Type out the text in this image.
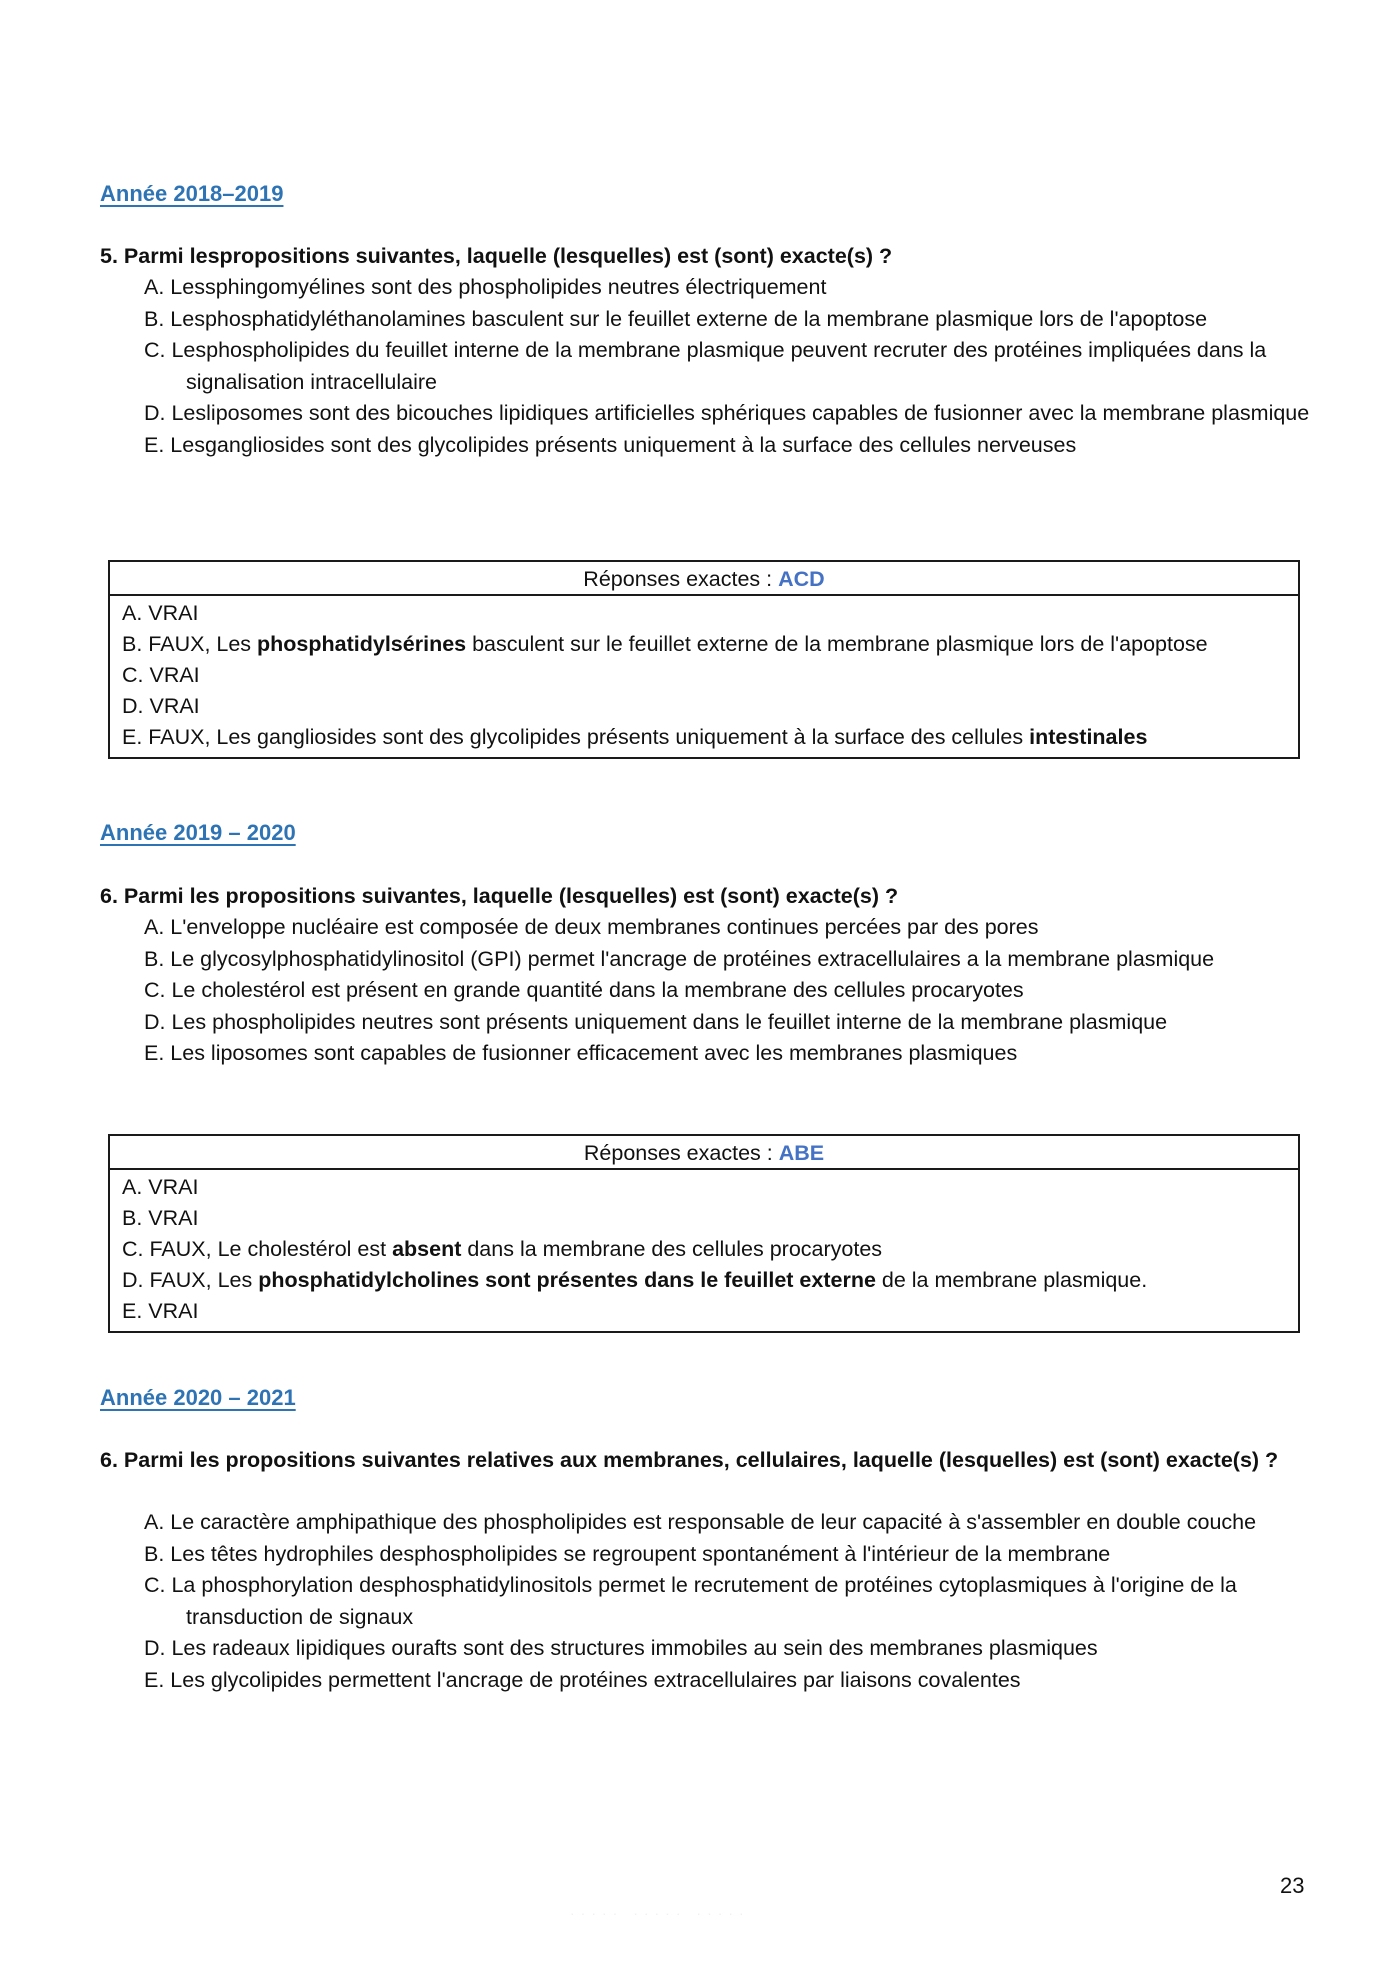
Année 2018–2019
5. Parmi lespropositions suivantes, laquelle (lesquelles) est (sont) exacte(s) ?
A. Lessphingomyélines sont des phospholipides neutres électriquement
B. Lesphosphatidyléthanolamines basculent sur le feuillet externe de la membrane plasmique lors de l'apoptose
C. Lesphospholipides du feuillet interne de la membrane plasmique peuvent recruter des protéines impliquées dans la signalisation intracellulaire
D. Lesliposomes sont des bicouches lipidiques artificielles sphériques capables de fusionner avec la membrane plasmique
E. Lesgangliosides sont des glycolipides présents uniquement à la surface des cellules nerveuses
Réponses exactes : ACD
A. VRAI
B. FAUX, Les phosphatidylsérines basculent sur le feuillet externe de la membrane plasmique lors de l'apoptose
C. VRAI
D. VRAI
E. FAUX, Les gangliosides sont des glycolipides présents uniquement à la surface des cellules intestinales
Année 2019 – 2020
6. Parmi les propositions suivantes, laquelle (lesquelles) est (sont) exacte(s) ?
A. L'enveloppe nucléaire est composée de deux membranes continues percées par des pores
B. Le glycosylphosphatidylinositol (GPI) permet l'ancrage de protéines extracellulaires a la membrane plasmique
C. Le cholestérol est présent en grande quantité dans la membrane des cellules procaryotes
D. Les phospholipides neutres sont présents uniquement dans le feuillet interne de la membrane plasmique
E. Les liposomes sont capables de fusionner efficacement avec les membranes plasmiques
Réponses exactes : ABE
A. VRAI
B. VRAI
C. FAUX, Le cholestérol est absent dans la membrane des cellules procaryotes
D. FAUX, Les phosphatidylcholines sont présentes dans le feuillet externe de la membrane plasmique.
E. VRAI
Année 2020 – 2021
6. Parmi les propositions suivantes relatives aux membranes, cellulaires, laquelle (lesquelles) est (sont) exacte(s) ?
A. Le caractère amphipathique des phospholipides est responsable de leur capacité à s'assembler en double couche
B. Les têtes hydrophiles desphospholipides se regroupent spontanément à l'intérieur de la membrane
C. La phosphorylation desphosphatidylinositols permet le recrutement de protéines cytoplasmiques à l'origine de la transduction de signaux
D. Les radeaux lipidiques ourafts sont des structures immobiles au sein des membranes plasmiques
E. Les glycolipides permettent l'ancrage de protéines extracellulaires par liaisons covalentes
23
····· ····· ·····
